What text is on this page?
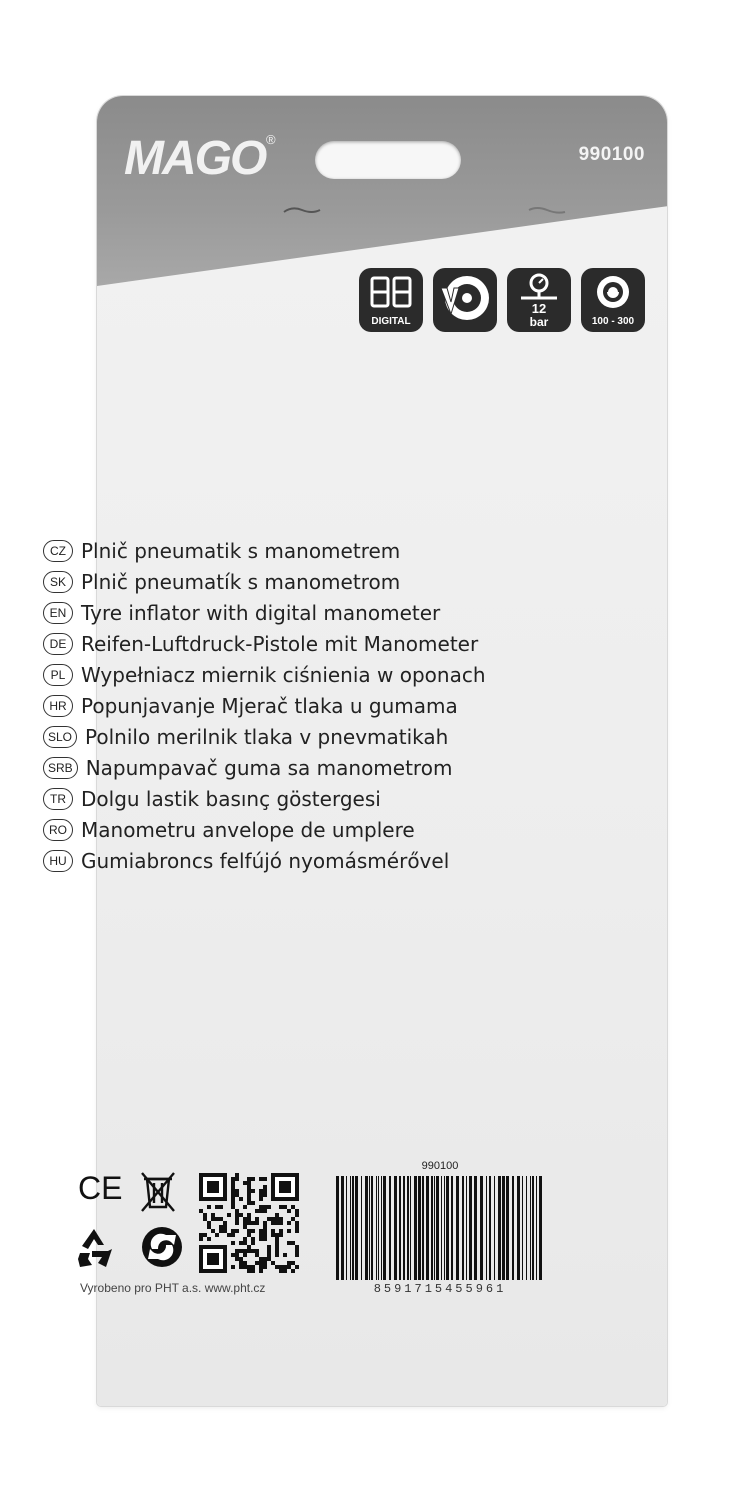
MAGO ®
990100
DIGITAL
12
bar	100 - 300
CZ Plnič pneumatik s manometrem
SK Plnič pneumatík s manometrom
EN Tyre inflator with digital manometer
DE Reifen-Luftdruck-Pistole mit Manometer
PL Wypełniacz miernik ciśnienia w oponach
HR Popunjavanje Mjerač tlaka u gumama
SLO Polnilo merilnik tlaka v pnevmatikah
SRB Napumpavač guma sa manometrom
TR Dolgu lastik basınç göstergesi
RO Manometru anvelope de umplere
HU Gumiabroncs felfújó nyomásmérővel
CE
990100
8591715455961
Vyrobeno pro PHT a.s. www.pht.cz
